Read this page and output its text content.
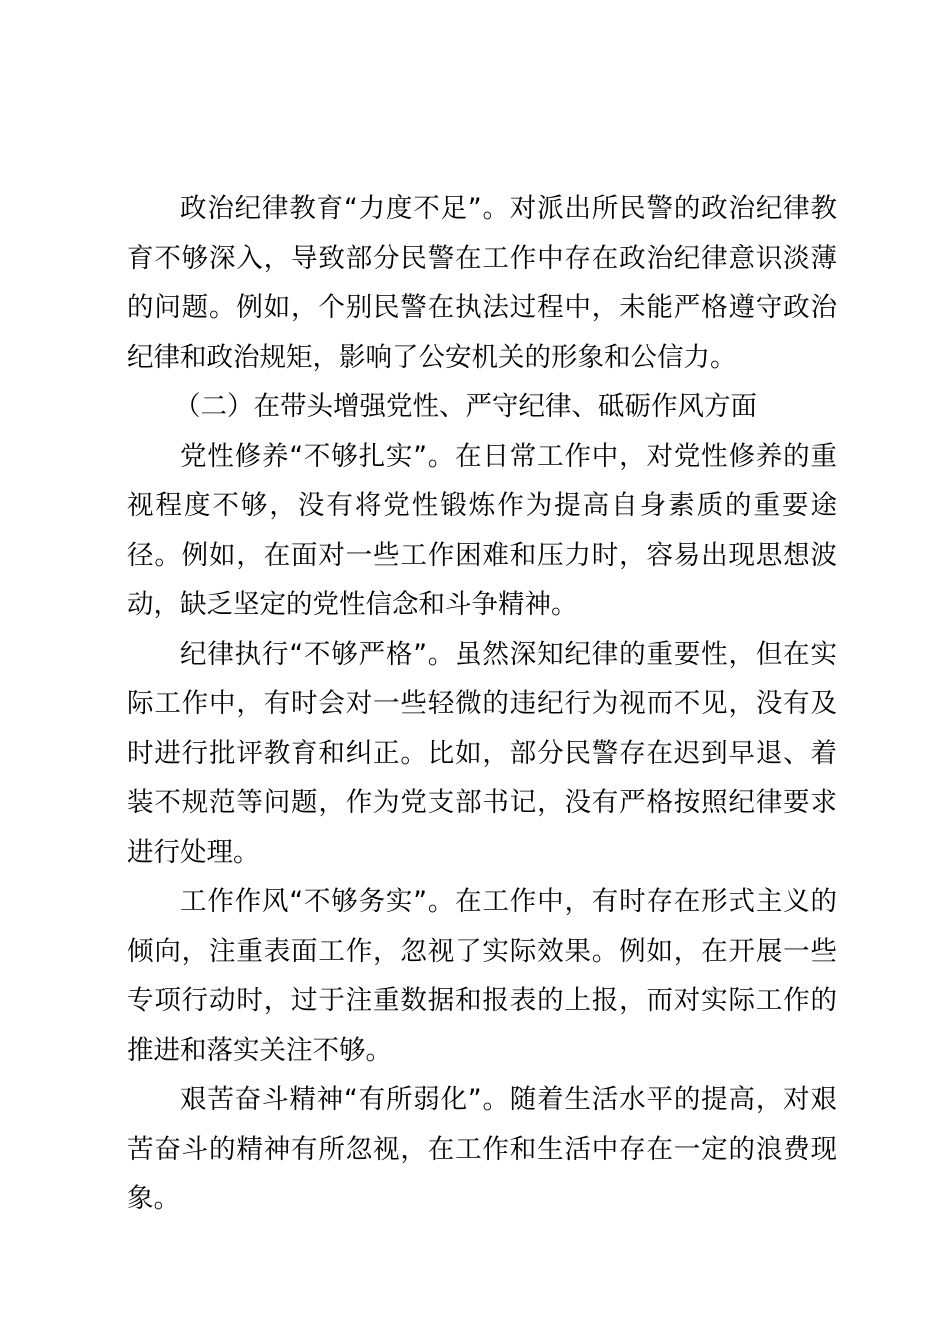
政治纪律教育“力度不足”。对派出所民警的政治纪律教育不够深入，导致部分民警在工作中存在政治纪律意识淡薄的问题。例如，个别民警在执法过程中，未能严格遵守政治纪律和政治规矩，影响了公安机关的形象和公信力。

（二）在带头增强党性、严守纪律、砥砺作风方面

党性修养“不够扎实”。在日常工作中，对党性修养的重视程度不够，没有将党性锻炼作为提高自身素质的重要途径。例如，在面对一些工作困难和压力时，容易出现思想波动，缺乏坚定的党性信念和斗争精神。

纪律执行“不够严格”。虽然深知纪律的重要性，但在实际工作中，有时会对一些轻微的违纪行为视而不见，没有及时进行批评教育和纠正。比如，部分民警存在迟到早退、着装不规范等问题，作为党支部书记，没有严格按照纪律要求进行处理。

工作作风“不够务实”。在工作中，有时存在形式主义的倾向，注重表面工作，忽视了实际效果。例如，在开展一些专项行动时，过于注重数据和报表的上报，而对实际工作的推进和落实关注不够。

艰苦奋斗精神“有所弱化”。随着生活水平的提高，对艰苦奋斗的精神有所忽视，在工作和生活中存在一定的浪费现象。
